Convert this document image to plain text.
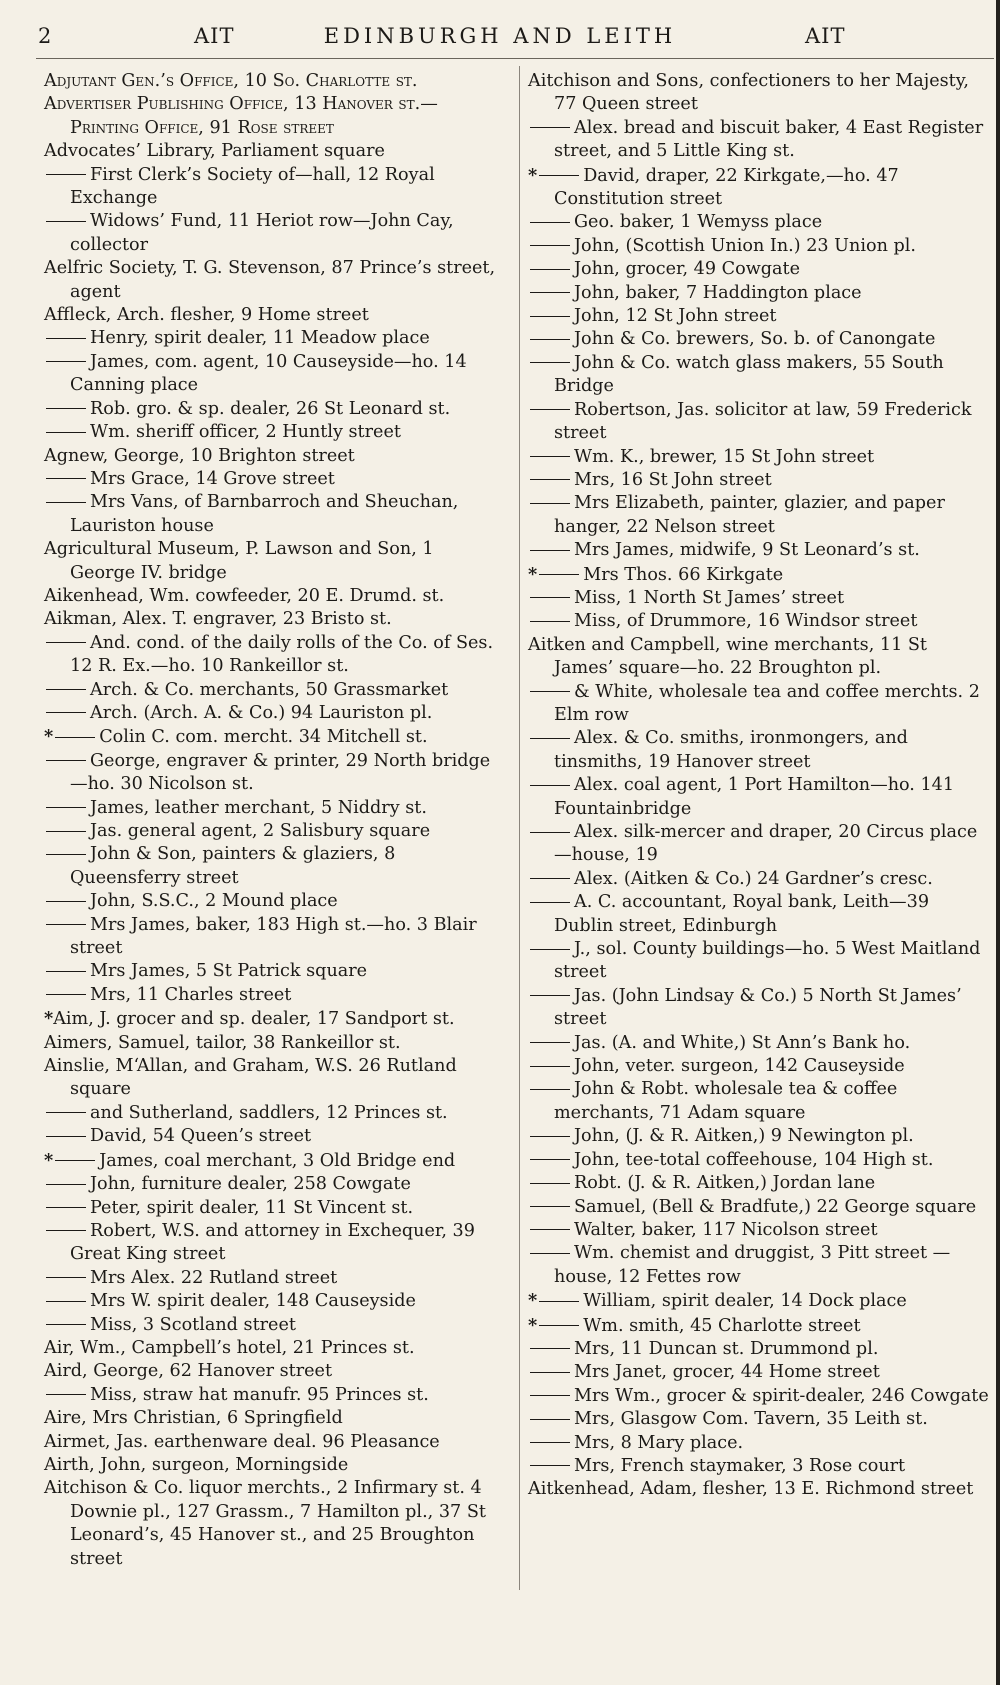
2	AIT	EDINBURGH AND LEITH	AIT

Adjutant Gen.’s Office, 10 So. Charlotte st.

Advertiser Publishing Office, 13 Hanover st.—Printing Office, 91 Rose street

Advocates’ Library, Parliament square

First Clerk’s Society of—hall, 12 Royal Exchange

Widows’ Fund, 11 Heriot row—John Cay, collector

Aelfric Society, T. G. Stevenson, 87 Prince’s street, agent

Affleck, Arch. flesher, 9 Home street

Henry, spirit dealer, 11 Meadow place

James, com. agent, 10 Causeyside—ho. 14 Canning place

Rob. gro. & sp. dealer, 26 St Leonard st.

Wm. sheriff officer, 2 Huntly street

Agnew, George, 10 Brighton street

Mrs Grace, 14 Grove street

Mrs Vans, of Barnbarroch and Sheuchan, Lauriston house

Agricultural Museum, P. Lawson and Son, 1 George IV. bridge

Aikenhead, Wm. cowfeeder, 20 E. Drumd. st.

Aikman, Alex. T. engraver, 23 Bristo st.

And. cond. of the daily rolls of the Co. of Ses. 12 R. Ex.—ho. 10 Rankeillor st.

Arch. & Co. merchants, 50 Grassmarket

Arch. (Arch. A. & Co.) 94 Lauriston pl.

*	Colin C. com. mercht. 34 Mitchell st.

George, engraver & printer, 29 North bridge—ho. 30 Nicolson st.

James, leather merchant, 5 Niddry st.

Jas. general agent, 2 Salisbury square

John & Son, painters & glaziers, 8 Queensferry street

John, S.S.C., 2 Mound place

Mrs James, baker, 183 High st.—ho. 3 Blair street

Mrs James, 5 St Patrick square

Mrs, 11 Charles street

*Aim, J. grocer and sp. dealer, 17 Sandport st.

Aimers, Samuel, tailor, 38 Rankeillor st.

Ainslie, M‘Allan, and Graham, W.S. 26 Rutland square

and Sutherland, saddlers, 12 Princes st.

David, 54 Queen’s street

*	James, coal merchant, 3 Old Bridge end

John, furniture dealer, 258 Cowgate

Peter, spirit dealer, 11 St Vincent st.

Robert, W.S. and attorney in Exchequer, 39 Great King street

Mrs Alex. 22 Rutland street

Mrs W. spirit dealer, 148 Causeyside

Miss, 3 Scotland street

Air, Wm., Campbell’s hotel, 21 Princes st.

Aird, George, 62 Hanover street

Miss, straw hat manufr. 95 Princes st.

Aire, Mrs Christian, 6 Springfield

Airmet, Jas. earthenware deal. 96 Pleasance

Airth, John, surgeon, Morningside

Aitchison & Co. liquor merchts., 2 Infirmary st. 4 Downie pl., 127 Grassm., 7 Hamilton pl., 37 St Leonard’s, 45 Hanover st., and 25 Broughton street

Aitchison and Sons, confectioners to her Majesty, 77 Queen street

Alex. bread and biscuit baker, 4 East Register street, and 5 Little King st.

*	David, draper, 22 Kirkgate,—ho. 47 Constitution street

Geo. baker, 1 Wemyss place

John, (Scottish Union In.) 23 Union pl.

John, grocer, 49 Cowgate

John, baker, 7 Haddington place

John, 12 St John street

John & Co. brewers, So. b. of Canongate

John & Co. watch glass makers, 55 South Bridge

Robertson, Jas. solicitor at law, 59 Frederick street

Wm. K., brewer, 15 St John street

Mrs, 16 St John street

Mrs Elizabeth, painter, glazier, and paper hanger, 22 Nelson street

Mrs James, midwife, 9 St Leonard’s st.

*	Mrs Thos. 66 Kirkgate

Miss, 1 North St James’ street

Miss, of Drummore, 16 Windsor street

Aitken and Campbell, wine merchants, 11 St James’ square—ho. 22 Broughton pl.

& White, wholesale tea and coffee merchts. 2 Elm row

Alex. & Co. smiths, ironmongers, and tinsmiths, 19 Hanover street

Alex. coal agent, 1 Port Hamilton—ho. 141 Fountainbridge

Alex. silk-mercer and draper, 20 Circus place—house, 19

Alex. (Aitken & Co.) 24 Gardner’s cresc.

A. C. accountant, Royal bank, Leith—39 Dublin street, Edinburgh

J., sol. County buildings—ho. 5 West Maitland street

Jas. (John Lindsay & Co.) 5 North St James’ street

Jas. (A. and White,) St Ann’s Bank ho.

John, veter. surgeon, 142 Causeyside

John & Robt. wholesale tea & coffee merchants, 71 Adam square

John, (J. & R. Aitken,) 9 Newington pl.

John, tee-total coffeehouse, 104 High st.

Robt. (J. & R. Aitken,) Jordan lane

Samuel, (Bell & Bradfute,) 22 George square

Walter, baker, 117 Nicolson street

Wm. chemist and druggist, 3 Pitt street —house, 12 Fettes row

*	William, spirit dealer, 14 Dock place

*	Wm. smith, 45 Charlotte street

Mrs, 11 Duncan st. Drummond pl.

Mrs Janet, grocer, 44 Home street

Mrs Wm., grocer & spirit-dealer, 246 Cowgate

Mrs, Glasgow Com. Tavern, 35 Leith st.

Mrs, 8 Mary place.

Mrs, French staymaker, 3 Rose court

Aitkenhead, Adam, flesher, 13 E. Richmond street
